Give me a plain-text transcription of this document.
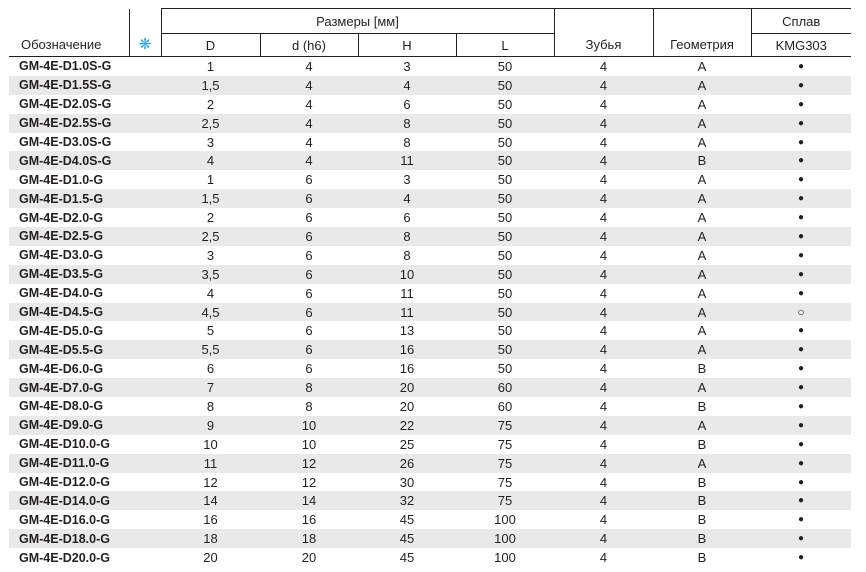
Обозначение	❋	Размеры [мм]				Зубья	Геометрия	Сплав
		D	d (h6)	H	L			KMG303
GM-4E-D1.0S-G		1	4	3	50	4	A	●
GM-4E-D1.5S-G		1,5	4	4	50	4	A	●
GM-4E-D2.0S-G		2	4	6	50	4	A	●
GM-4E-D2.5S-G		2,5	4	8	50	4	A	●
GM-4E-D3.0S-G		3	4	8	50	4	A	●
GM-4E-D4.0S-G		4	4	11	50	4	B	●
GM-4E-D1.0-G		1	6	3	50	4	A	●
GM-4E-D1.5-G		1,5	6	4	50	4	A	●
GM-4E-D2.0-G		2	6	6	50	4	A	●
GM-4E-D2.5-G		2,5	6	8	50	4	A	●
GM-4E-D3.0-G		3	6	8	50	4	A	●
GM-4E-D3.5-G		3,5	6	10	50	4	A	●
GM-4E-D4.0-G		4	6	11	50	4	A	●
GM-4E-D4.5-G		4,5	6	11	50	4	A	○
GM-4E-D5.0-G		5	6	13	50	4	A	●
GM-4E-D5.5-G		5,5	6	16	50	4	A	●
GM-4E-D6.0-G		6	6	16	50	4	B	●
GM-4E-D7.0-G		7	8	20	60	4	A	●
GM-4E-D8.0-G		8	8	20	60	4	B	●
GM-4E-D9.0-G		9	10	22	75	4	A	●
GM-4E-D10.0-G		10	10	25	75	4	B	●
GM-4E-D11.0-G		11	12	26	75	4	A	●
GM-4E-D12.0-G		12	12	30	75	4	B	●
GM-4E-D14.0-G		14	14	32	75	4	B	●
GM-4E-D16.0-G		16	16	45	100	4	B	●
GM-4E-D18.0-G		18	18	45	100	4	B	●
GM-4E-D20.0-G		20	20	45	100	4	B	●
